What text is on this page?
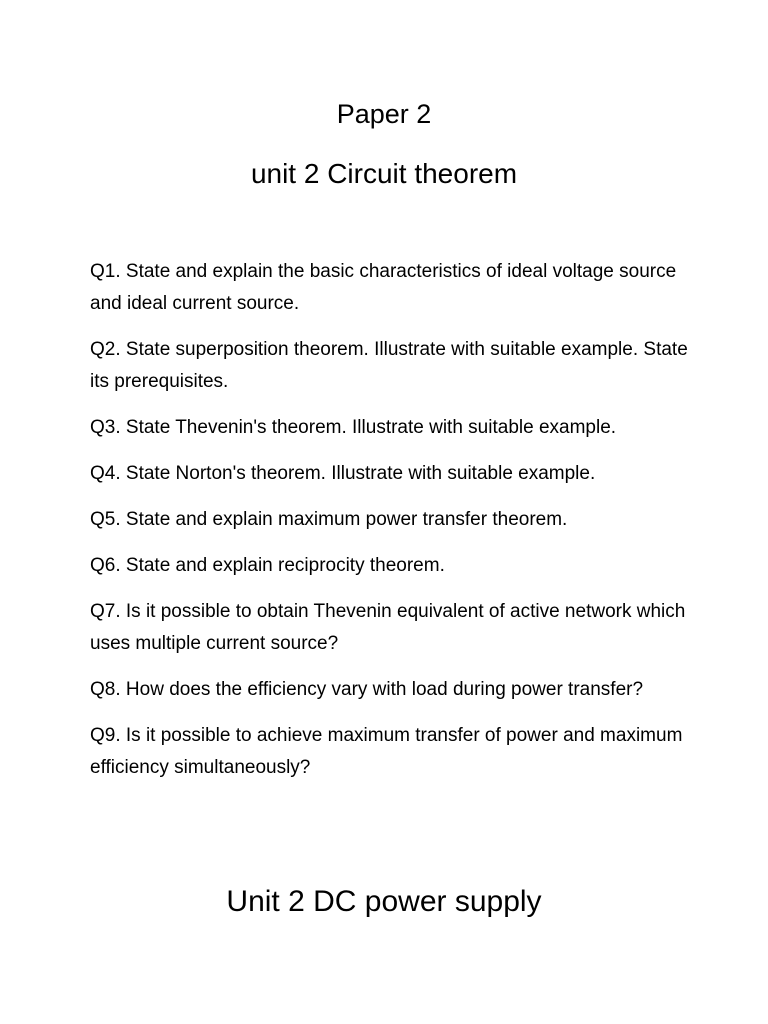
Paper 2
unit 2 Circuit theorem
Q1. State and explain the basic characteristics of ideal voltage source and ideal current source.
Q2. State superposition theorem. Illustrate with suitable example. State its prerequisites.
Q3. State Thevenin's theorem. Illustrate with suitable example.
Q4. State Norton's theorem. Illustrate with suitable example.
Q5. State and explain maximum power transfer theorem.
Q6. State and explain reciprocity theorem.
Q7. Is it possible to obtain Thevenin equivalent of active network which uses multiple current source?
Q8. How does the efficiency vary with load during power transfer?
Q9. Is it possible to achieve maximum transfer of power and maximum efficiency simultaneously?
Unit 2 DC power supply
